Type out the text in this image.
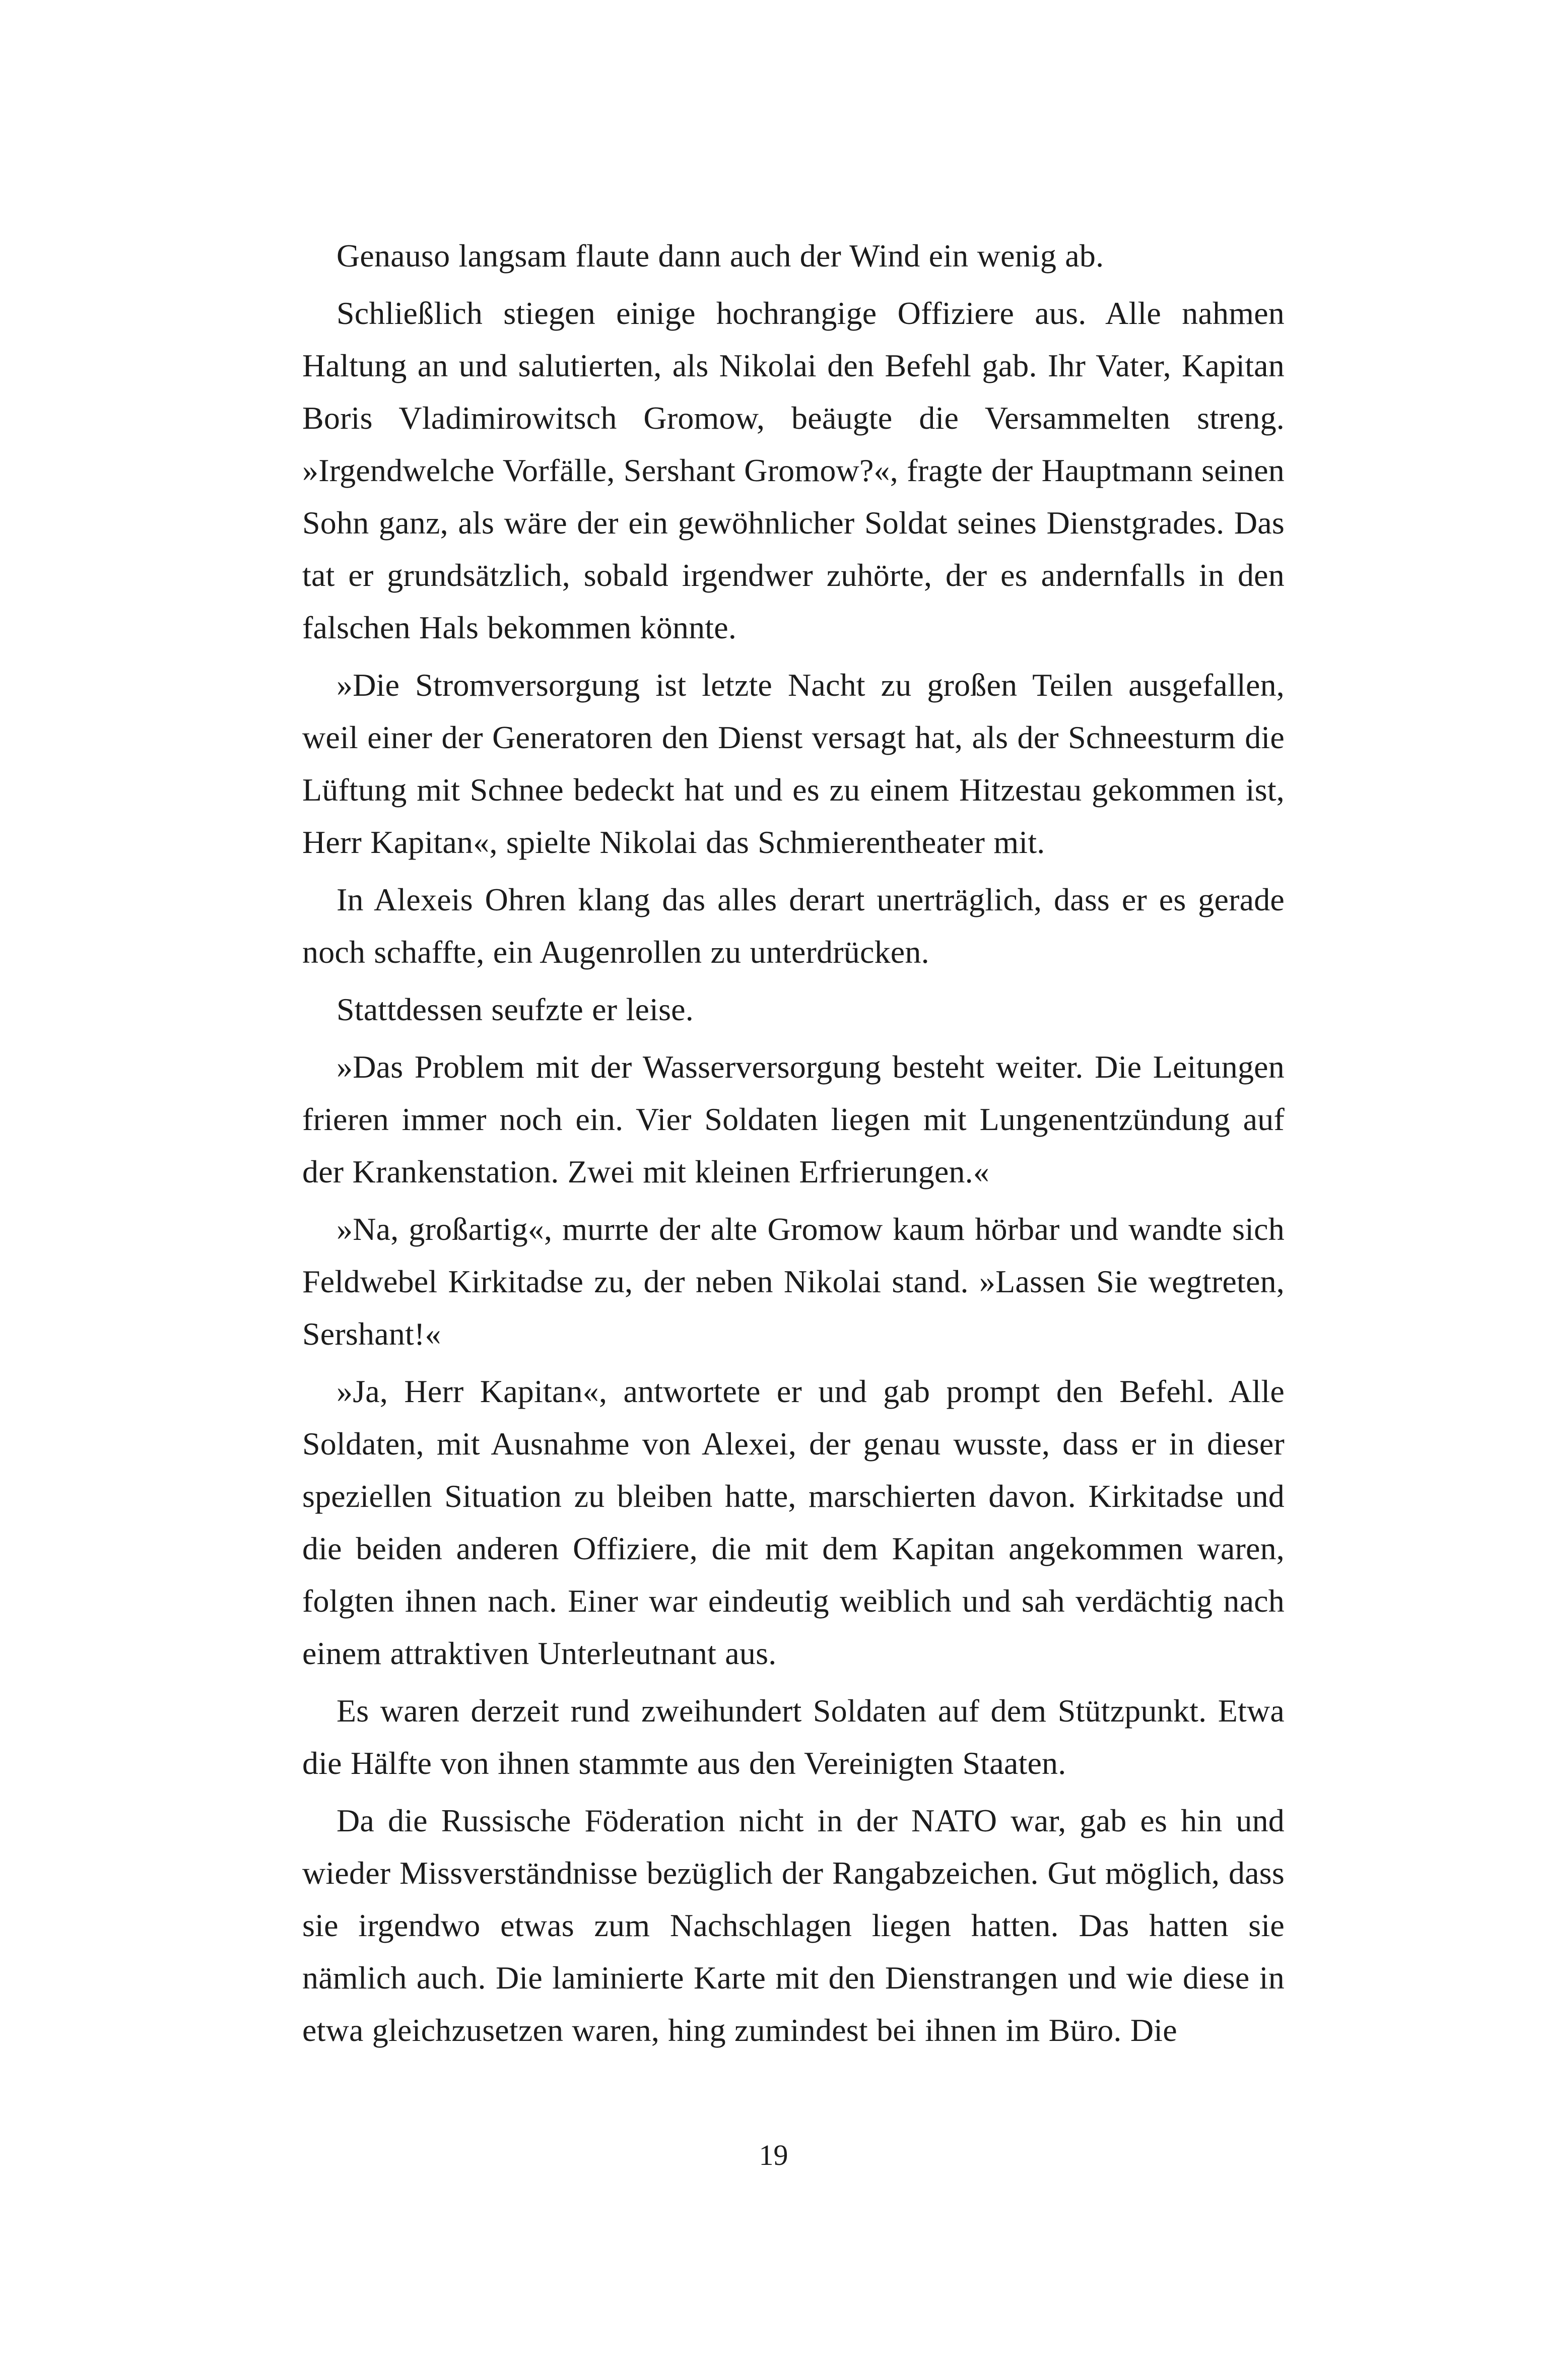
Genauso langsam flaute dann auch der Wind ein wenig ab.

Schließlich stiegen einige hochrangige Offiziere aus. Alle nahmen Haltung an und salutierten, als Nikolai den Befehl gab. Ihr Vater, Kapitan Boris Vladimirowitsch Gromow, beäugte die Versammelten streng. »Irgendwelche Vorfälle, Sershant Gromow?«, fragte der Hauptmann seinen Sohn ganz, als wäre der ein gewöhnlicher Soldat seines Dienstgrades. Das tat er grundsätzlich, sobald irgendwer zuhörte, der es andernfalls in den falschen Hals bekommen könnte.

»Die Stromversorgung ist letzte Nacht zu großen Teilen ausgefallen, weil einer der Generatoren den Dienst versagt hat, als der Schneesturm die Lüftung mit Schnee bedeckt hat und es zu einem Hitzestau gekommen ist, Herr Kapitan«, spielte Nikolai das Schmierentheater mit.

In Alexeis Ohren klang das alles derart unerträglich, dass er es gerade noch schaffte, ein Augenrollen zu unterdrücken.

Stattdessen seufzte er leise.

»Das Problem mit der Wasserversorgung besteht weiter. Die Leitungen frieren immer noch ein. Vier Soldaten liegen mit Lungenentzündung auf der Krankenstation. Zwei mit kleinen Erfrierungen.«

»Na, großartig«, murrte der alte Gromow kaum hörbar und wandte sich Feldwebel Kirkitadse zu, der neben Nikolai stand. »Lassen Sie wegtreten, Sershant!«

»Ja, Herr Kapitan«, antwortete er und gab prompt den Befehl. Alle Soldaten, mit Ausnahme von Alexei, der genau wusste, dass er in dieser speziellen Situation zu bleiben hatte, marschierten davon. Kirkitadse und die beiden anderen Offiziere, die mit dem Kapitan angekommen waren, folgten ihnen nach. Einer war eindeutig weiblich und sah verdächtig nach einem attraktiven Unterleutnant aus.

Es waren derzeit rund zweihundert Soldaten auf dem Stützpunkt. Etwa die Hälfte von ihnen stammte aus den Vereinigten Staaten.

Da die Russische Föderation nicht in der NATO war, gab es hin und wieder Missverständnisse bezüglich der Rangabzeichen. Gut möglich, dass sie irgendwo etwas zum Nachschlagen liegen hatten. Das hatten sie nämlich auch. Die laminierte Karte mit den Dienstrangen und wie diese in etwa gleichzusetzen waren, hing zumindest bei ihnen im Büro. Die

19
